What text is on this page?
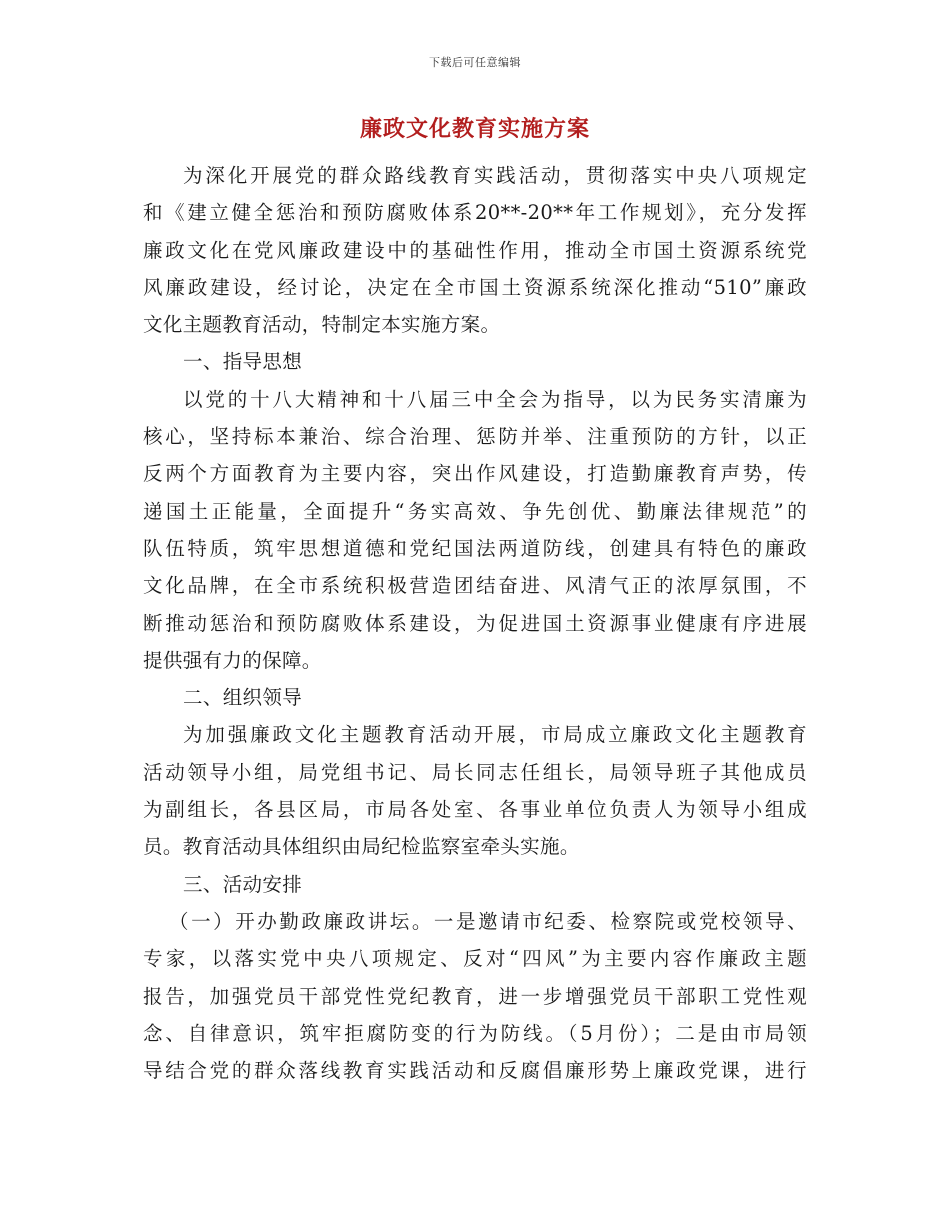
下载后可任意编辑
廉政文化教育实施方案
为深化开展党的群众路线教育实践活动，贯彻落实中央八项规定
和《建立健全惩治和预防腐败体系20**-20**年工作规划》，充分发挥
廉政文化在党风廉政建设中的基础性作用，推动全市国土资源系统党
风廉政建设，经讨论，决定在全市国土资源系统深化推动“510”廉政
文化主题教育活动，特制定本实施方案。
一、指导思想
以党的十八大精神和十八届三中全会为指导，以为民务实清廉为
核心，坚持标本兼治、综合治理、惩防并举、注重预防的方针，以正
反两个方面教育为主要内容，突出作风建设，打造勤廉教育声势，传
递国土正能量，全面提升“务实高效、争先创优、勤廉法律规范”的
队伍特质，筑牢思想道德和党纪国法两道防线，创建具有特色的廉政
文化品牌，在全市系统积极营造团结奋进、风清气正的浓厚氛围，不
断推动惩治和预防腐败体系建设，为促进国土资源事业健康有序进展
提供强有力的保障。
二、组织领导
为加强廉政文化主题教育活动开展，市局成立廉政文化主题教育
活动领导小组，局党组书记、局长同志任组长，局领导班子其他成员
为副组长，各县区局，市局各处室、各事业单位负责人为领导小组成
员。教育活动具体组织由局纪检监察室牵头实施。
三、活动安排
（一）开办勤政廉政讲坛。一是邀请市纪委、检察院或党校领导、
专家，以落实党中央八项规定、反对“四风”为主要内容作廉政主题
报告，加强党员干部党性党纪教育，进一步增强党员干部职工党性观
念、自律意识，筑牢拒腐防变的行为防线。（5月份）；二是由市局领
导结合党的群众落线教育实践活动和反腐倡廉形势上廉政党课，进行
